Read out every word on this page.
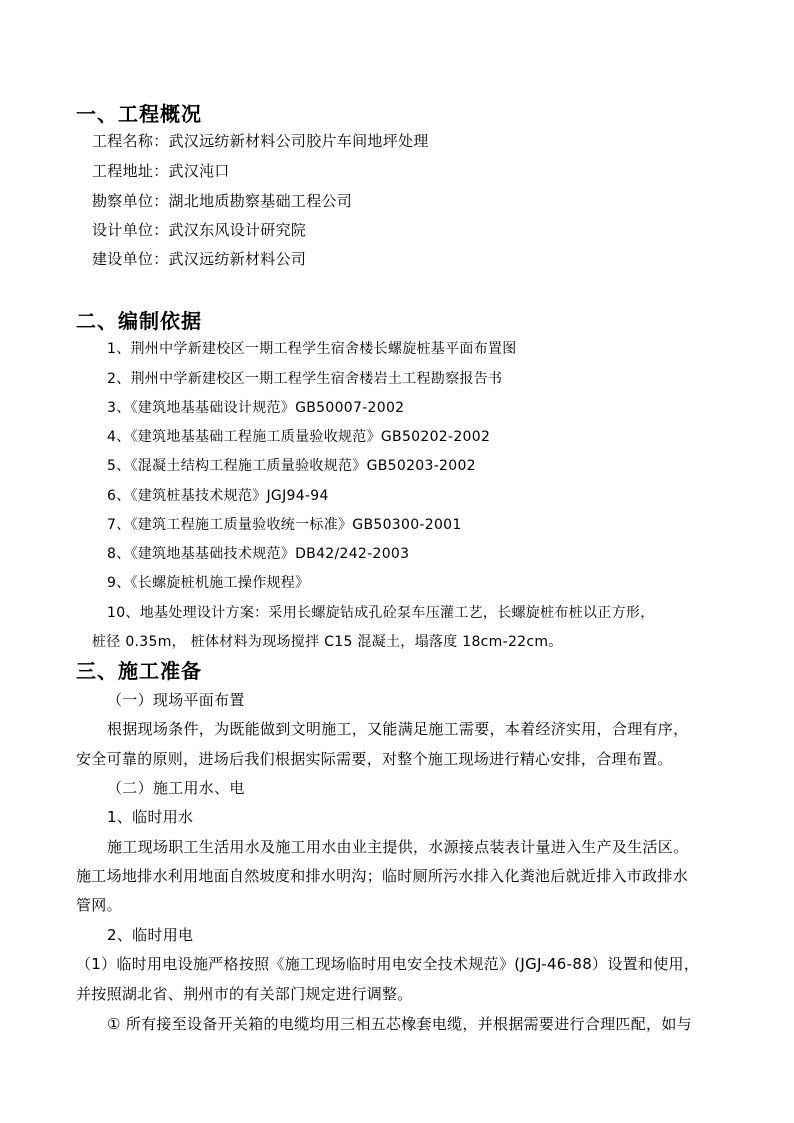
一、工程概况
工程名称：武汉远纺新材料公司胶片车间地坪处理
工程地址：武汉沌口
勘察单位：湖北地质勘察基础工程公司
设计单位：武汉东风设计研究院
建设单位：武汉远纺新材料公司
二、编制依据
1、荆州中学新建校区一期工程学生宿舍楼长螺旋桩基平面布置图
2、荆州中学新建校区一期工程学生宿舍楼岩土工程勘察报告书
3、《建筑地基基础设计规范》GB50007-2002
4、《建筑地基基础工程施工质量验收规范》GB50202-2002
5、《混凝土结构工程施工质量验收规范》GB50203-2002
6、《建筑桩基技术规范》JGJ94-94
7、《建筑工程施工质量验收统一标准》GB50300-2001
8、《建筑地基基础技术规范》DB42/242-2003
9、《长螺旋桩机施工操作规程》
10、地基处理设计方案：采用长螺旋钻成孔砼泵车压灌工艺，长螺旋桩布桩以正方形，
桩径 0.35m， 桩体材料为现场搅拌 C15 混凝土，塌落度 18cm-22cm。
三、施工准备
（一）现场平面布置
根据现场条件，为既能做到文明施工，又能满足施工需要，本着经济实用，合理有序，
安全可靠的原则，进场后我们根据实际需要，对整个施工现场进行精心安排，合理布置。
（二）施工用水、电
1、临时用水
施工现场职工生活用水及施工用水由业主提供，水源接点装表计量进入生产及生活区。
施工场地排水利用地面自然坡度和排水明沟；临时厕所污水排入化粪池后就近排入市政排水
管网。
2、临时用电
（1）临时用电设施严格按照《施工现场临时用电安全技术规范》(JGJ-46-88）设置和使用，
并按照湖北省、荆州市的有关部门规定进行调整。
① 所有接至设备开关箱的电缆均用三相五芯橡套电缆，并根据需要进行合理匹配，如与
